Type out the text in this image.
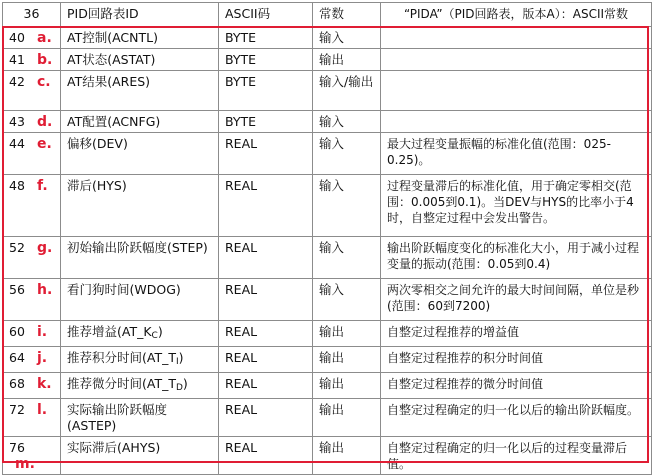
36	PID回路表ID	ASCII码	常数	“PIDA”（PID回路表，版本A）：ASCII常数
40 a.	AT控制(ACNTL)	BYTE	输入	
41 b.	AT状态(ASTAT)	BYTE	输出	
42 c.	AT结果(ARES)	BYTE	输入/输出	
43 d.	AT配置(ACNFG)	BYTE	输入	
44 e.	偏移(DEV)	REAL	输入	最大过程变量振幅的标准化值(范围：025-0.25)。
48 f.	滞后(HYS)	REAL	输入	过程变量滞后的标准化值，用于确定零相交(范围：0.005到0.1)。当DEV与HYS的比率小于4时，自整定过程中会发出警告。
52 g.	初始输出阶跃幅度(STEP)	REAL	输入	输出阶跃幅度变化的标准化大小，用于减小过程变量的振动(范围：0.05到0.4)
56 h.	看门狗时间(WDOG)	REAL	输入	两次零相交之间允许的最大时间间隔，单位是秒(范围：60到7200)
60 i.	推荐增益$(AT\_K_C)$	REAL	输出	自整定过程推荐的增益值
64 j.	推荐积分时间$(AT\_T_I)$	REAL	输出	自整定过程推荐的积分时间值
68 k.	推荐微分时间$(AT\_T_D)$	REAL	输出	自整定过程推荐的微分时间值
72 l.	实际输出阶跃幅度(ASTEP)	REAL	输出	自整定过程确定的归一化以后的输出阶跃幅度。
76m.	实际滞后(AHYS)	REAL	输出	自整定过程确定的归一化以后的过程变量滞后值。
